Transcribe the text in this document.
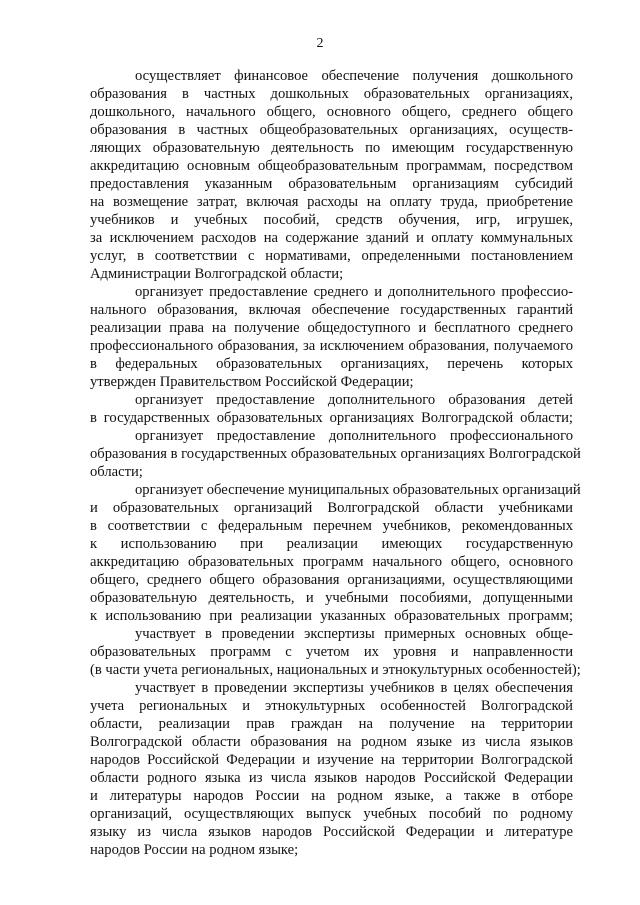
2

осуществляет финансовое обеспечение получения дошкольного

образования в частных дошкольных образовательных организациях,

дошкольного, начального общего, основного общего, среднего общего

образования в частных общеобразовательных организациях, осуществ-

ляющих образовательную деятельность по имеющим государственную

аккредитацию основным общеобразовательным программам, посредством

предоставления указанным образовательным организациям субсидий

на возмещение затрат, включая расходы на оплату труда, приобретение

учебников и учебных пособий, средств обучения, игр, игрушек,

за исключением расходов на содержание зданий и оплату коммунальных

услуг, в соответствии с нормативами, определенными постановлением

Администрации Волгоградской области;

организует предоставление среднего и дополнительного профессио-

нального образования, включая обеспечение государственных гарантий

реализации права на получение общедоступного и бесплатного среднего

профессионального образования, за исключением образования, получаемого

в федеральных образовательных организациях, перечень которых

утвержден Правительством Российской Федерации;

организует предоставление дополнительного образования детей

в государственных образовательных организациях Волгоградской области;

организует предоставление дополнительного профессионального

образования в государственных образовательных организациях Волгоградской

области;

организует обеспечение муниципальных образовательных организаций

и образовательных организаций Волгоградской области учебниками

в соответствии с федеральным перечнем учебников, рекомендованных

к использованию при реализации имеющих государственную

аккредитацию образовательных программ начального общего, основного

общего, среднего общего образования организациями, осуществляющими

образовательную деятельность, и учебными пособиями, допущенными

к использованию при реализации указанных образовательных программ;

участвует в проведении экспертизы примерных основных обще-

образовательных программ с учетом их уровня и направленности

(в части учета региональных, национальных и этнокультурных особенностей);

участвует в проведении экспертизы учебников в целях обеспечения

учета региональных и этнокультурных особенностей Волгоградской

области, реализации прав граждан на получение на территории

Волгоградской области образования на родном языке из числа языков

народов Российской Федерации и изучение на территории Волгоградской

области родного языка из числа языков народов Российской Федерации

и литературы народов России на родном языке, а также в отборе

организаций, осуществляющих выпуск учебных пособий по родному

языку из числа языков народов Российской Федерации и литературе

народов России на родном языке;
